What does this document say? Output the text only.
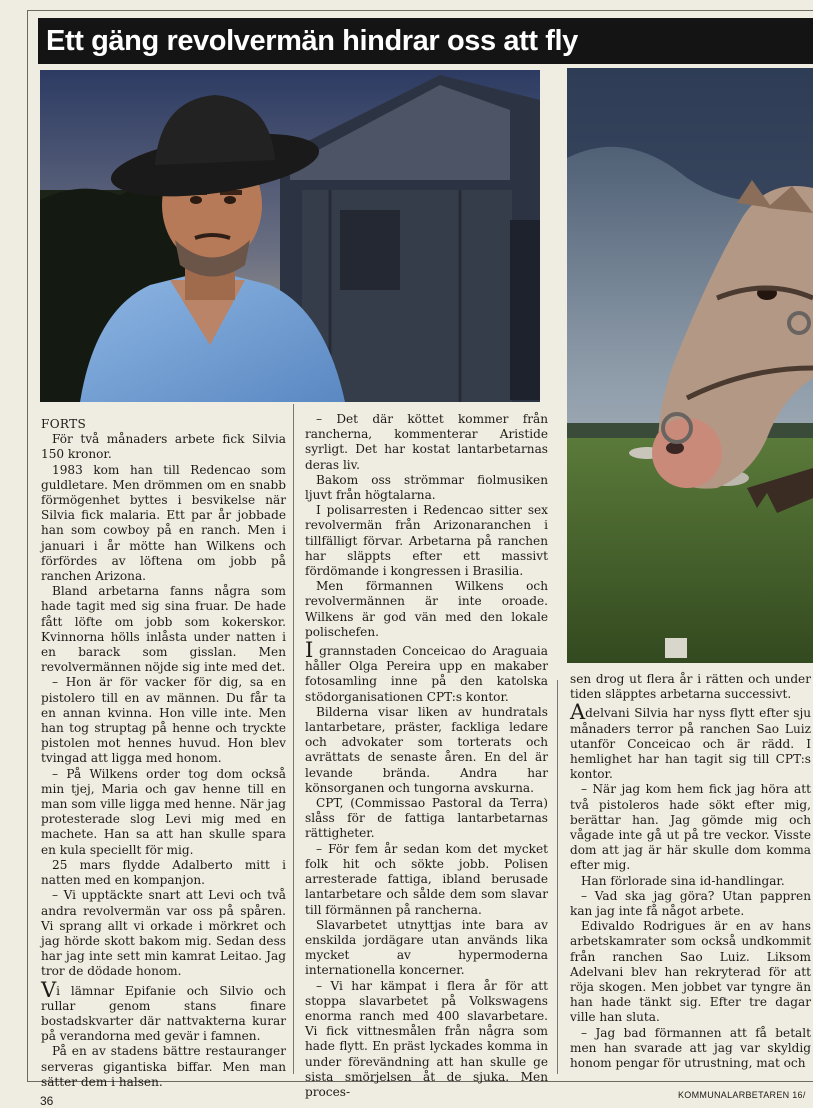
Ett gäng revolvermän hindrar oss att fly

FORTS

För två månaders arbete fick Silvia 150 kronor.

1983 kom han till Redencao som guldletare. Men drömmen om en snabb förmögenhet byttes i besvikelse när Silvia fick malaria. Ett par år jobbade han som cowboy på en ranch. Men i januari i år mötte han Wilkens och förfördes av löftena om jobb på ranchen Arizona.

Bland arbetarna fanns några som hade tagit med sig sina fruar. De hade fått löfte om jobb som kokerskor. Kvinnorna hölls inlåsta under natten i en barack som gisslan. Men revolvermännen nöjde sig inte med det.

– Hon är för vacker för dig, sa en pistolero till en av männen. Du får ta en annan kvinna. Hon ville inte. Men han tog struptag på henne och tryckte pistolen mot hennes huvud. Hon blev tvingad att ligga med honom.

– På Wilkens order tog dom också min tjej, Maria och gav henne till en man som ville ligga med henne. När jag protesterade slog Levi mig med en machete. Han sa att han skulle spara en kula speciellt för mig.

25 mars flydde Adalberto mitt i natten med en kompanjon.

– Vi upptäckte snart att Levi och två andra revolvermän var oss på spåren. Vi sprang allt vi orkade i mörkret och jag hörde skott bakom mig. Sedan dess har jag inte sett min kamrat Leitao. Jag tror de dödade honom.

Vi lämnar Epifanie och Silvio och rullar genom stans finare bostadskvarter där nattvakterna kurar på verandorna med gevär i famnen.

På en av stadens bättre restauranger serveras gigantiska biffar. Men man sätter dem i halsen.

– Det där köttet kommer från rancherna, kommenterar Aristide syrligt. Det har kostat lantarbetarnas deras liv.

Bakom oss strömmar fiolmusiken ljuvt från högtalarna.

I polisarresten i Redencao sitter sex revolvermän från Arizonaranchen i tillfälligt förvar. Arbetarna på ranchen har släppts efter ett massivt fördömande i kongressen i Brasilia.

Men förmannen Wilkens och revolvermännen är inte oroade. Wilkens är god vän med den lokale polischefen.

I grannstaden Conceicao do Araguaia håller Olga Pereira upp en makaber fotosamling inne på den katolska stödorganisationen CPT:s kontor.

Bilderna visar liken av hundratals lantarbetare, präster, fackliga ledare och advokater som torterats och avrättats de senaste åren. En del är levande brända. Andra har könsorganen och tungorna avskurna.

CPT, (Commissao Pastoral da Terra) slåss för de fattiga lantarbetarnas rättigheter.

– För fem år sedan kom det mycket folk hit och sökte jobb. Polisen arresterade fattiga, ibland berusade lantarbetare och sålde dem som slavar till förmännen på rancherna.

Slavarbetet utnyttjas inte bara av enskilda jordägare utan används lika mycket av hypermoderna internationella koncerner.

– Vi har kämpat i flera år för att stoppa slavarbetet på Volkswagens enorma ranch med 400 slavarbetare. Vi fick vittnesmålen från några som hade flytt. En präst lyckades komma in under förevändning att han skulle ge sista smörjelsen åt de sjuka. Men proces-

sen drog ut flera år i rätten och under tiden släpptes arbetarna successivt.

Adelvani Silvia har nyss flytt efter sju månaders terror på ranchen Sao Luiz utanför Conceicao och är rädd. I hemlighet har han tagit sig till CPT:s kontor.

– När jag kom hem fick jag höra att två pistoleros hade sökt efter mig, berättar han. Jag gömde mig och vågade inte gå ut på tre veckor. Visste dom att jag är här skulle dom komma efter mig.

Han förlorade sina id-handlingar.

– Vad ska jag göra? Utan pappren kan jag inte få något arbete.

Edivaldo Rodrigues är en av hans arbetskamrater som också undkommit från ranchen Sao Luiz. Liksom Adelvani blev han rekryterad för att röja skogen. Men jobbet var tyngre än han hade tänkt sig. Efter tre dagar ville han sluta.

– Jag bad förmannen att få betalt men han svarade att jag var skyldig honom pengar för utrustning, mat och

36	KOMMUNALARBETAREN 16/
